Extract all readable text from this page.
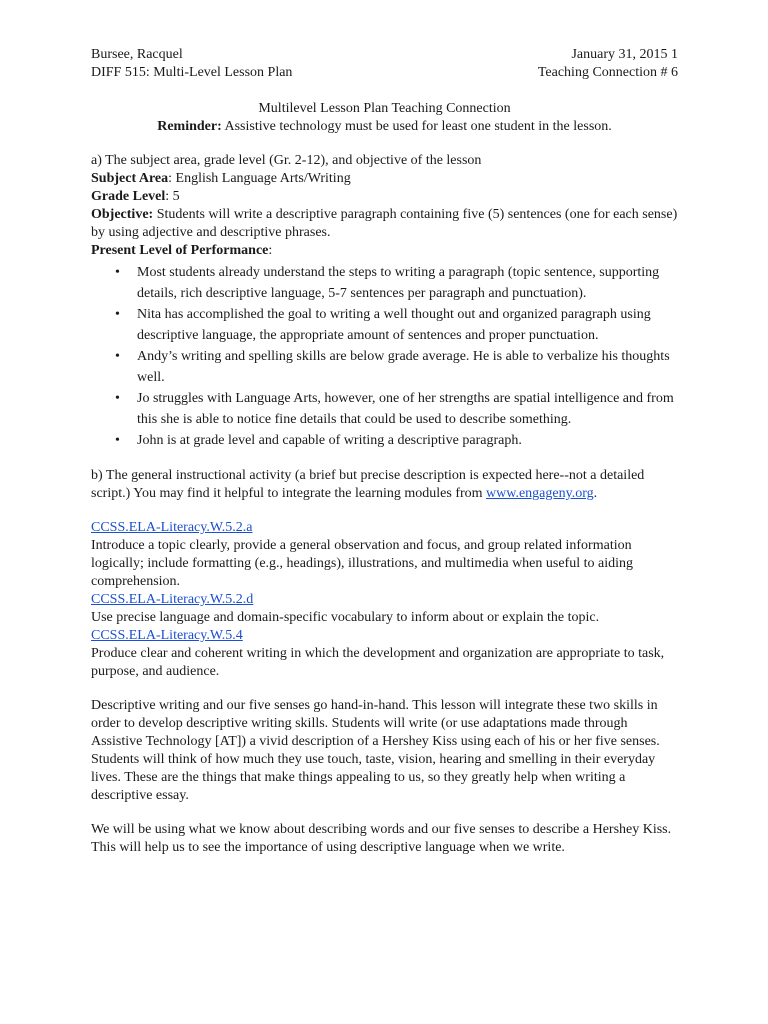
Bursee, Racquel	January 31, 2015 1
DIFF 515: Multi-Level Lesson Plan	Teaching Connection # 6

Multilevel Lesson Plan Teaching Connection

Reminder: Assistive technology must be used for least one student in the lesson.

a) The subject area, grade level (Gr. 2-12), and objective of the lesson

Subject Area: English Language Arts/Writing

Grade Level: 5

Objective: Students will write a descriptive paragraph containing five (5) sentences (one for each sense) by using adjective and descriptive phrases.

Present Level of Performance:

• Most students already understand the steps to writing a paragraph (topic sentence, supporting details, rich descriptive language, 5-7 sentences per paragraph and punctuation).
• Nita has accomplished the goal to writing a well thought out and organized paragraph using descriptive language, the appropriate amount of sentences and proper punctuation.
• Andy’s writing and spelling skills are below grade average. He is able to verbalize his thoughts well.
• Jo struggles with Language Arts, however, one of her strengths are spatial intelligence and from this she is able to notice fine details that could be used to describe something.
• John is at grade level and capable of writing a descriptive paragraph.

b) The general instructional activity (a brief but precise description is expected here--not a detailed script.) You may find it helpful to integrate the learning modules from www.engageny.org.

CCSS.ELA-Literacy.W.5.2.a

Introduce a topic clearly, provide a general observation and focus, and group related information logically; include formatting (e.g., headings), illustrations, and multimedia when useful to aiding comprehension.

CCSS.ELA-Literacy.W.5.2.d

Use precise language and domain-specific vocabulary to inform about or explain the topic.

CCSS.ELA-Literacy.W.5.4

Produce clear and coherent writing in which the development and organization are appropriate to task, purpose, and audience.

Descriptive writing and our five senses go hand-in-hand. This lesson will integrate these two skills in order to develop descriptive writing skills. Students will write (or use adaptations made through Assistive Technology [AT]) a vivid description of a Hershey Kiss using each of his or her five senses. Students will think of how much they use touch, taste, vision, hearing and smelling in their everyday lives. These are the things that make things appealing to us, so they greatly help when writing a descriptive essay.

We will be using what we know about describing words and our five senses to describe a Hershey Kiss. This will help us to see the importance of using descriptive language when we write.
